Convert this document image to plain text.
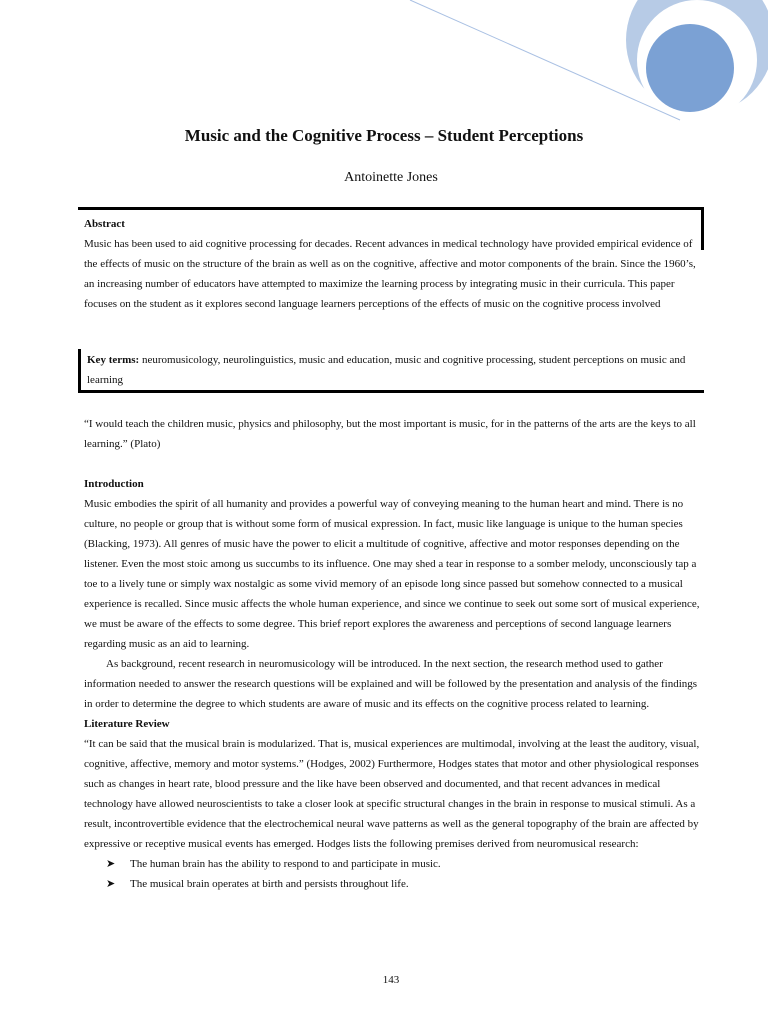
Music and the Cognitive Process – Student Perceptions
Antoinette Jones
Abstract
Music has been used to aid cognitive processing for decades. Recent advances in medical technology have provided empirical evidence of the effects of music on the structure of the brain as well as on the cognitive, affective and motor components of the brain. Since the 1960’s, an increasing number of educators have attempted to maximize the learning process by integrating music in their curricula. This paper focuses on the student as it explores second language learners perceptions of the effects of music on the cognitive process involved
Key terms: neuromusicology, neurolinguistics, music and education, music and cognitive processing, student perceptions on music and learning

“I would teach the children music, physics and philosophy, but the most important is music, for in the patterns of the arts are the keys to all learning.” (Plato)

Introduction

Music embodies the spirit of all humanity and provides a powerful way of conveying meaning to the human heart and mind. There is no culture, no people or group that is without some form of musical expression. In fact, music like language is unique to the human species (Blacking, 1973). All genres of music have the power to elicit a multitude of cognitive, affective and motor responses depending on the listener. Even the most stoic among us succumbs to its influence. One may shed a tear in response to a somber melody, unconsciously tap a toe to a lively tune or simply wax nostalgic as some vivid memory of an episode long since passed but somehow connected to a musical experience is recalled. Since music affects the whole human experience, and since we continue to seek out some sort of musical experience, we must be aware of the effects to some degree. This brief report explores the awareness and perceptions of second language learners regarding music as an aid to learning.

As background, recent research in neuromusicology will be introduced. In the next section, the research method used to gather information needed to answer the research questions will be explained and will be followed by the presentation and analysis of the findings in order to determine the degree to which students are aware of music and its effects on the cognitive process related to learning.

Literature Review

“It can be said that the musical brain is modularized. That is, musical experiences are multimodal, involving at the least the auditory, visual, cognitive, affective, memory and motor systems.” (Hodges, 2002) Furthermore, Hodges states that motor and other physiological responses such as changes in heart rate, blood pressure and the like have been observed and documented, and that recent advances in medical technology have allowed neuroscientists to take a closer look at specific structural changes in the brain in response to musical stimuli. As a result, incontrovertible evidence that the electrochemical neural wave patterns as well as the general topography of the brain are affected by expressive or receptive musical events has emerged. Hodges lists the following premises derived from neuromusical research:

➤ The human brain has the ability to respond to and participate in music.
➤ The musical brain operates at birth and persists throughout life.
143
